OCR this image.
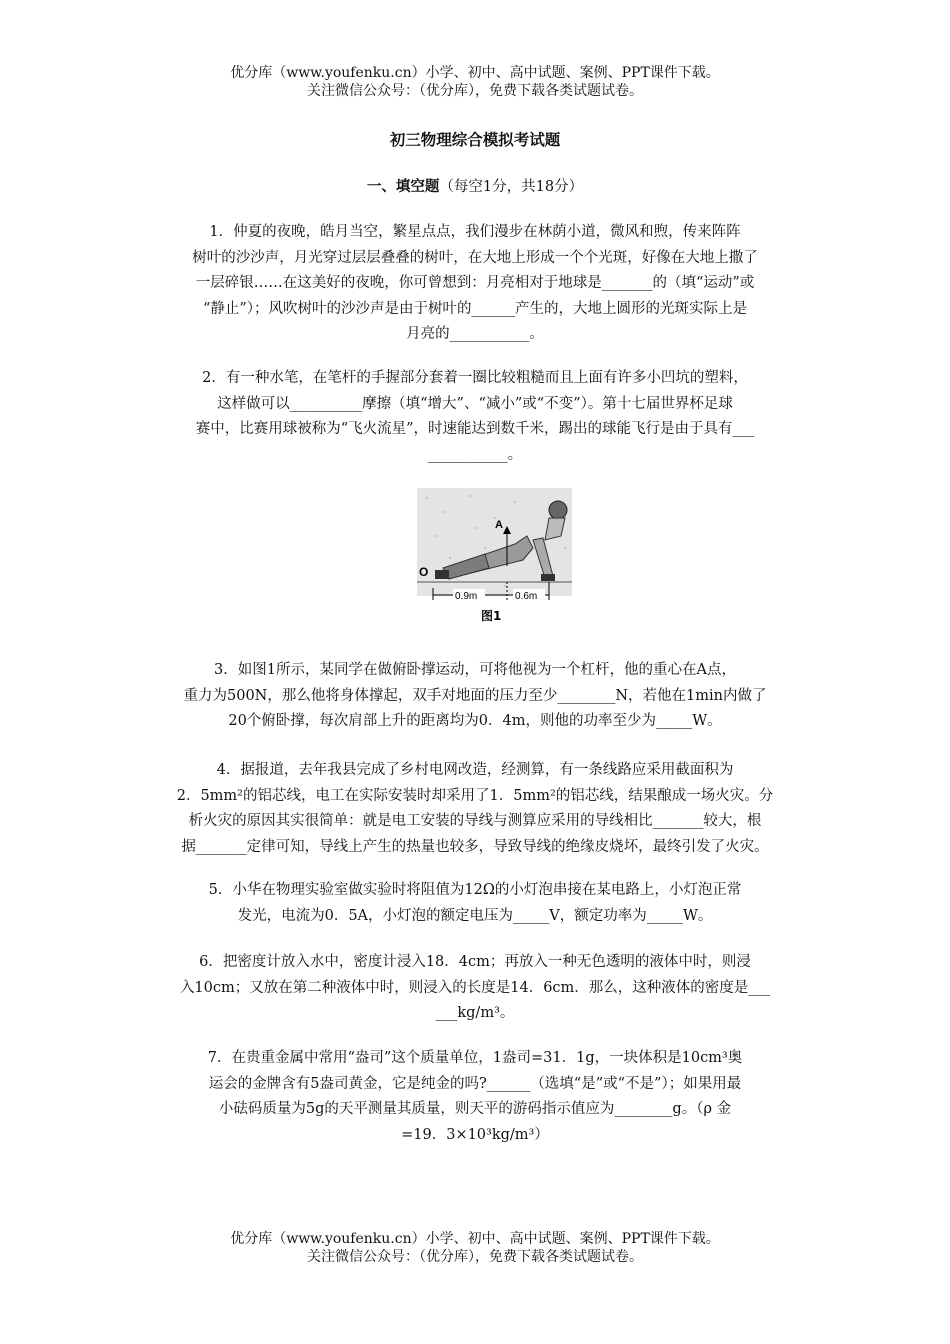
优分库（www.youfenku.cn）小学、初中、高中试题、案例、PPT课件下载。
关注微信公众号：（优分库），免费下载各类试题试卷。
初三物理综合模拟考试题
一、填空题（每空1分，共18分）
1．仲夏的夜晚，皓月当空，繁星点点，我们漫步在林荫小道，微风和煦，传来阵阵
树叶的沙沙声，月光穿过层层叠叠的树叶，在大地上形成一个个光斑，好像在大地上撒了
一层碎银……在这美好的夜晚，你可曾想到：月亮相对于地球是_______的（填“运动”或
“静止”）；风吹树叶的沙沙声是由于树叶的______产生的，大地上圆形的光斑实际上是
月亮的___________。
2．有一种水笔，在笔杆的手握部分套着一圈比较粗糙而且上面有许多小凹坑的塑料，
这样做可以__________摩擦（填“增大”、“减小”或“不变”）。第十七届世界杯足球
赛中，比赛用球被称为“飞火流星”，时速能达到数千米，踢出的球能飞行是由于具有___
___________。
A
O
0.9m	0.6m
图1
3．如图1所示，某同学在做俯卧撑运动，可将他视为一个杠杆，他的重心在A点，
重力为500N，那么他将身体撑起，双手对地面的压力至少________N，若他在1min内做了
20个俯卧撑，每次肩部上升的距离均为0．4m，则他的功率至少为_____W。
4．据报道，去年我县完成了乡村电网改造，经测算，有一条线路应采用截面积为
2．5mm²的铝芯线，电工在实际安装时却采用了1．5mm²的铝芯线，结果酿成一场火灾。分
析火灾的原因其实很简单：就是电工安装的导线与测算应采用的导线相比_______较大，根
据_______定律可知，导线上产生的热量也较多，导致导线的绝缘皮烧坏，最终引发了火灾。
5．小华在物理实验室做实验时将阻值为12Ω的小灯泡串接在某电路上，小灯泡正常
发光，电流为0．5A，小灯泡的额定电压为_____V，额定功率为_____W。
6．把密度计放入水中，密度计浸入18．4cm；再放入一种无色透明的液体中时，则浸
入10cm；又放在第二种液体中时，则浸入的长度是14．6cm．那么，这种液体的密度是___
___kg/m³。
7．在贵重金属中常用“盎司”这个质量单位，1盎司=31．1g，一块体积是10cm³奥
运会的金牌含有5盎司黄金，它是纯金的吗?______（选填“是”或“不是”）；如果用最
小砝码质量为5g的天平测量其质量，则天平的游码指示值应为________g。（ρ 金
=19．3×10³kg/m³）
优分库（www.youfenku.cn）小学、初中、高中试题、案例、PPT课件下载。
关注微信公众号：（优分库），免费下载各类试题试卷。
